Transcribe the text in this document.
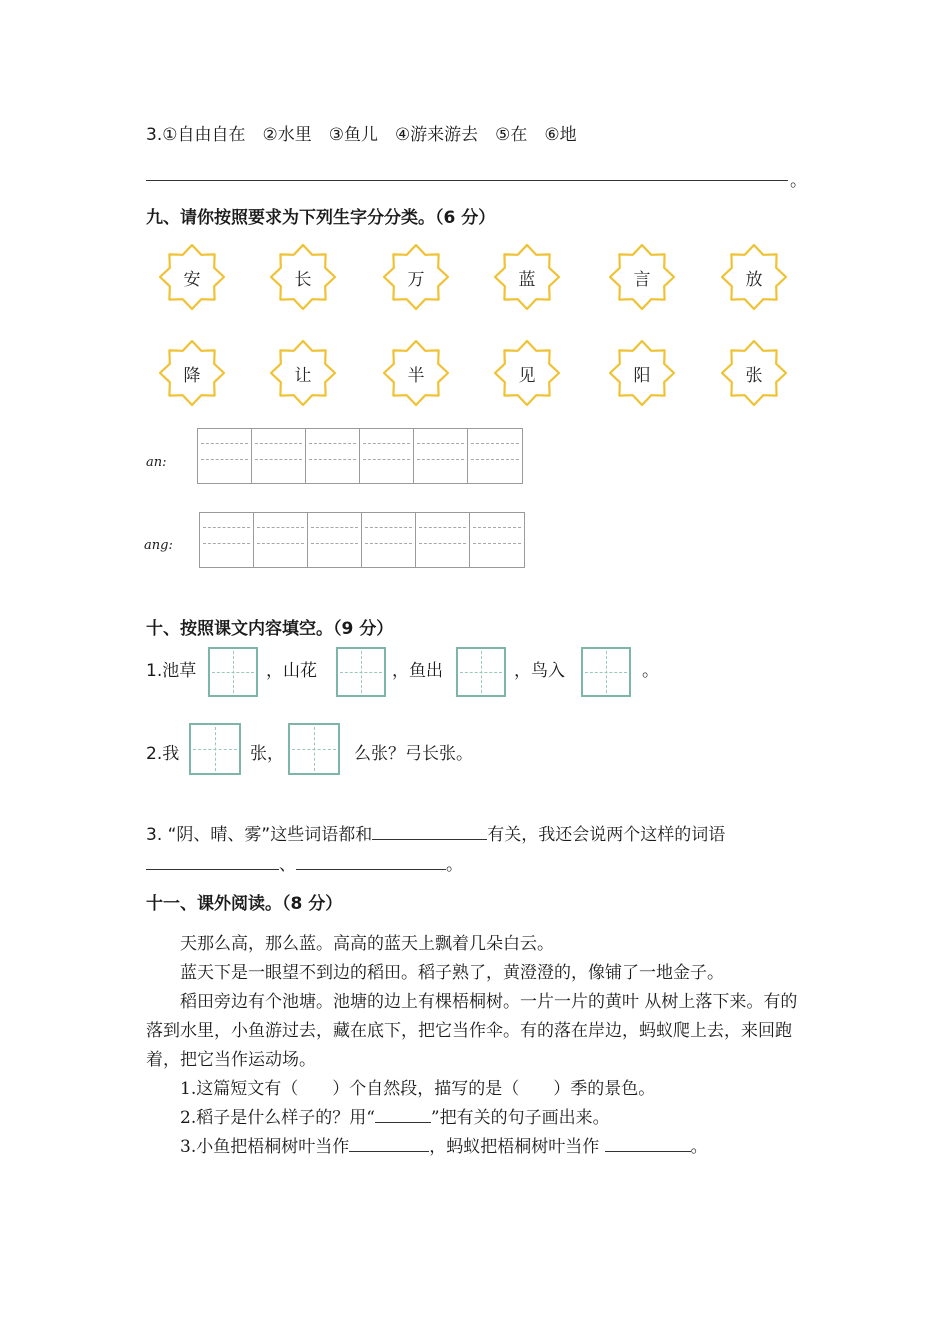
3.①自由自在　②水里　③鱼儿　④游来游去　⑤在　⑥地
。
九、请你按照要求为下列生字分分类。（6 分）
安	长	万	蓝	言	放
降	让	半	见	阳	张
an:
ang:
十、按照课文内容填空。（9 分）
1.池草	，山花	，鱼出	，鸟入	。
2.我	张，	么张？弓长张。
3. “阴、晴、雾”这些词语都和	有关，我还会说两个这样的词语
、	。
十一、课外阅读。（8 分）

天那么高，那么蓝。高高的蓝天上飘着几朵白云。

蓝天下是一眼望不到边的稻田。稻子熟了，黄澄澄的，像铺了一地金子。

稻田旁边有个池塘。池塘的边上有棵梧桐树。一片一片的黄叶 从树上落下来。有的落到水里，小鱼游过去，藏在底下，把它当作伞。有的落在岸边，蚂蚁爬上去，来回跑着，把它当作运动场。

1.这篇短文有（　　）个自然段，描写的是（　　）季的景色。

2.稻子是什么样子的？用“	”把有关的句子画出来。

3.小鱼把梧桐树叶当作	，蚂蚁把梧桐树叶当作	。
